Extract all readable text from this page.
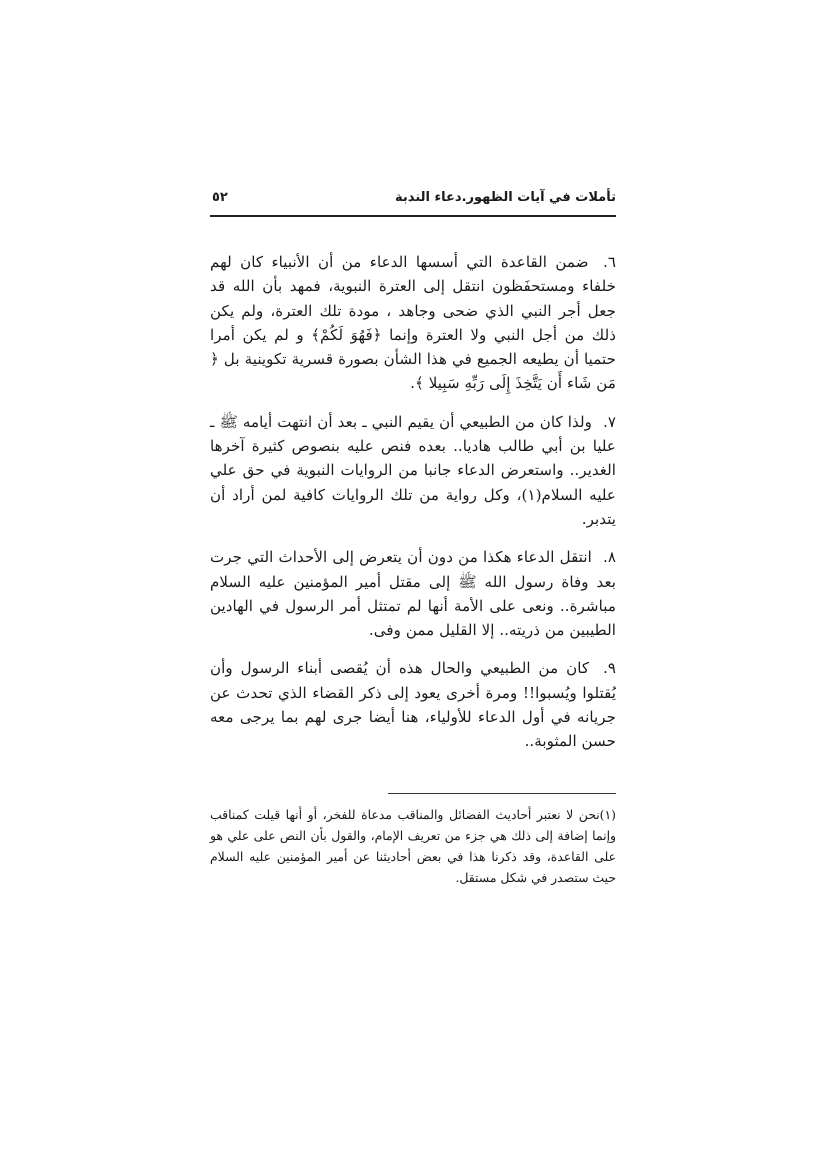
تأملات في آيات الظهور.دعاء الندبة
٥٢

٦. ضمن القاعدة التي أسسها الدعاء من أن الأنبياء كان لهم خلفاء ومستحفَظون انتقل إلى العترة النبوية، فمهد بأن الله قد جعل أجر النبي الذي ضحى وجاهد ، مودة تلك العترة، ولم يكن ذلك من أجل النبي ولا العترة وإنما ﴿فَهُوَ لَكُمْ﴾ و لم يكن أمرا حتميا أن يطيعه الجميع في هذا الشأن بصورة قسرية تكوينية بل ﴿ مَن شَاء أَن يَتَّخِذَ إِلَى رَبِّهِ سَبِيلا ﴾.

٧. ولذا كان من الطبيعي أن يقيم النبي ـ بعد أن انتهت أيامه ﷺ ـ عليا بن أبي طالب هاديا.. بعده فنص عليه بنصوص كثيرة آخرها الغدير.. واستعرض الدعاء جانبا من الروايات النبوية في حق علي عليه السلام(١)، وكل رواية من تلك الروايات كافية لمن أراد أن يتدبر.

٨. انتقل الدعاء هكذا من دون أن يتعرض إلى الأحداث التي جرت بعد وفاة رسول الله ﷺ إلى مقتل أمير المؤمنين عليه السلام مباشرة.. ونعى على الأمة أنها لم تمتثل أمر الرسول في الهادين الطيبين من ذريته.. إلا القليل ممن وفى.

٩. كان من الطبيعي والحال هذه أن يُقصى أبناء الرسول وأن يُقتلوا ويُسبوا!! ومرة أخرى يعود إلى ذكر القضاء الذي تحدث عن جريانه في أول الدعاء للأولياء، هنا أيضا جرى لهم بما يرجى معه حسن المثوبة..

(١)نحن لا نعتبر أحاديث الفضائل والمناقب مدعاة للفخر، أو أنها قيلت كمناقب وإنما إضافة إلى ذلك هي جزء من تعريف الإمام، والقول بأن النص على علي هو على القاعدة، وقد ذكرنا هذا في بعض أحاديثنا عن أمير المؤمنين عليه السلام حيث ستصدر في شكل مستقل.
